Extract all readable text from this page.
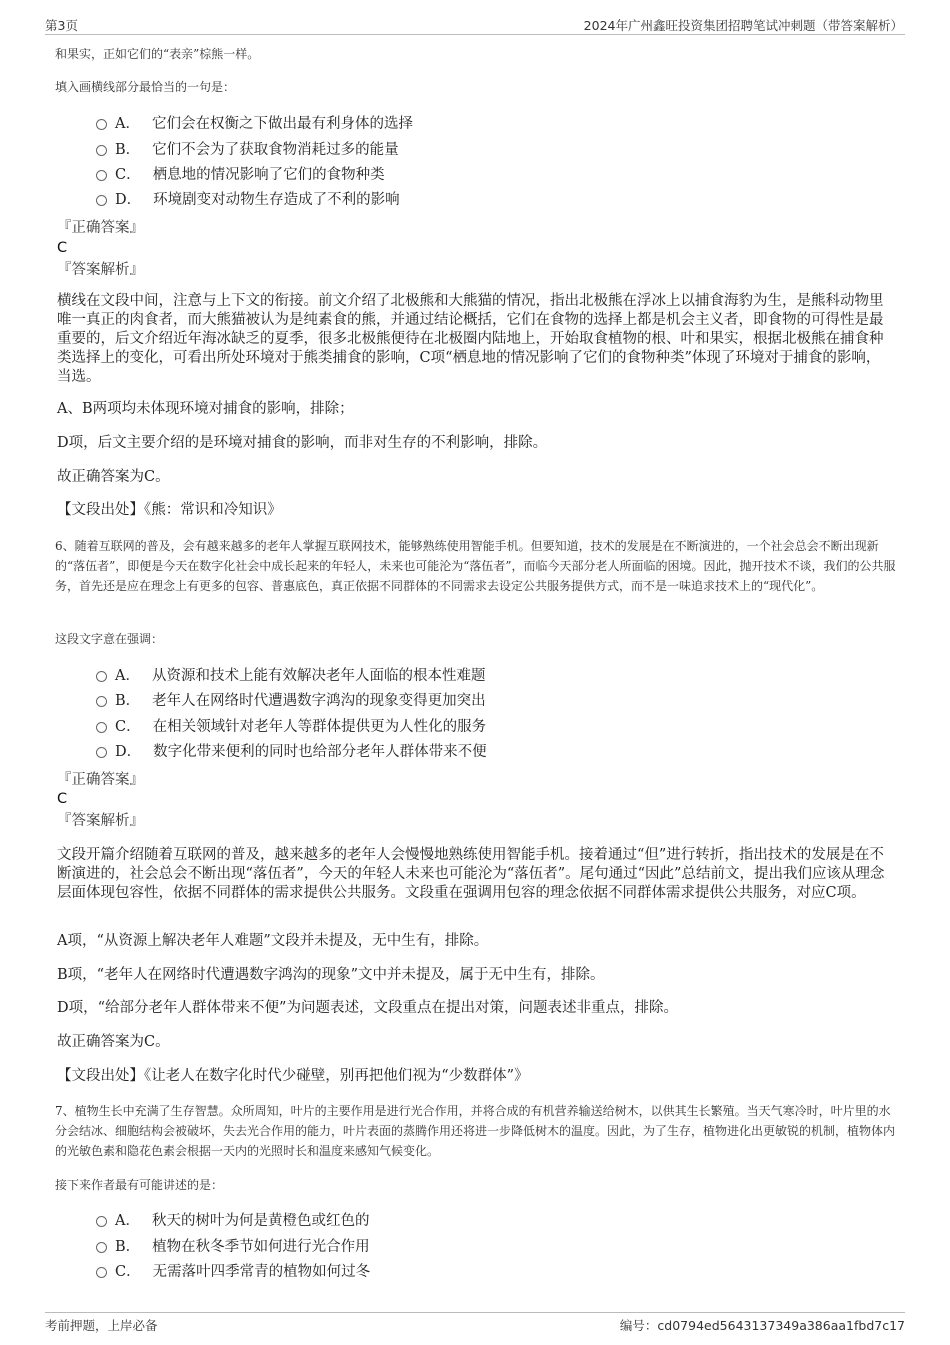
第3页	2024年广州鑫旺投资集团招聘笔试冲刺题（带答案解析）
和果实，正如它们的“表亲”棕熊一样。
填入画横线部分最恰当的一句是：
A． 它们会在权衡之下做出最有利身体的选择
B． 它们不会为了获取食物消耗过多的能量
C． 栖息地的情况影响了它们的食物种类
D． 环境剧变对动物生存造成了不利的影响
『正确答案』
C
『答案解析』
横线在文段中间，注意与上下文的衔接。前文介绍了北极熊和大熊猫的情况，指出北极熊在浮冰上以捕食海豹为生，是熊科动物里唯一真正的肉食者，而大熊猫被认为是纯素食的熊，并通过结论概括，它们在食物的选择上都是机会主义者，即食物的可得性是最重要的，后文介绍近年海冰缺乏的夏季，很多北极熊便待在北极圈内陆地上，开始取食植物的根、叶和果实，根据北极熊在捕食种类选择上的变化，可看出所处环境对于熊类捕食的影响，C项“栖息地的情况影响了它们的食物种类”体现了环境对于捕食的影响，当选。
A、B两项均未体现环境对捕食的影响，排除；
D项，后文主要介绍的是环境对捕食的影响，而非对生存的不利影响，排除。
故正确答案为C。
【文段出处】《熊：常识和冷知识》
6、随着互联网的普及，会有越来越多的老年人掌握互联网技术，能够熟练使用智能手机。但要知道，技术的发展是在不断演进的，一个社会总会不断出现新的“落伍者”，即便是今天在数字化社会中成长起来的年轻人，未来也可能沦为“落伍者”，而临今天部分老人所面临的困境。因此，抛开技术不谈，我们的公共服务，首先还是应在理念上有更多的包容、普惠底色，真正依据不同群体的不同需求去设定公共服务提供方式，而不是一味追求技术上的“现代化”。
这段文字意在强调：
A． 从资源和技术上能有效解决老年人面临的根本性难题
B． 老年人在网络时代遭遇数字鸿沟的现象变得更加突出
C． 在相关领域针对老年人等群体提供更为人性化的服务
D． 数字化带来便利的同时也给部分老年人群体带来不便
『正确答案』
C
『答案解析』
文段开篇介绍随着互联网的普及，越来越多的老年人会慢慢地熟练使用智能手机。接着通过“但”进行转折，指出技术的发展是在不断演进的，社会总会不断出现“落伍者”，今天的年轻人未来也可能沦为“落伍者”。尾句通过“因此”总结前文，提出我们应该从理念层面体现包容性，依据不同群体的需求提供公共服务。文段重在强调用包容的理念依据不同群体需求提供公共服务，对应C项。
A项，“从资源上解决老年人难题”文段并未提及，无中生有，排除。
B项，“老年人在网络时代遭遇数字鸿沟的现象”文中并未提及，属于无中生有，排除。
D项，“给部分老年人群体带来不便”为问题表述，文段重点在提出对策，问题表述非重点，排除。
故正确答案为C。
【文段出处】《让老人在数字化时代少碰壁，别再把他们视为“少数群体”》
7、植物生长中充满了生存智慧。众所周知，叶片的主要作用是进行光合作用，并将合成的有机营养输送给树木，以供其生长繁殖。当天气寒冷时，叶片里的水分会结冰、细胞结构会被破坏，失去光合作用的能力，叶片表面的蒸腾作用还将进一步降低树木的温度。因此，为了生存，植物进化出更敏锐的机制，植物体内的光敏色素和隐花色素会根据一天内的光照时长和温度来感知气候变化。
接下来作者最有可能讲述的是：
A． 秋天的树叶为何是黄橙色或红色的
B． 植物在秋冬季节如何进行光合作用
C． 无需落叶四季常青的植物如何过冬
考前押题，上岸必备	编号：cd0794ed5643137349a386aa1fbd7c17
